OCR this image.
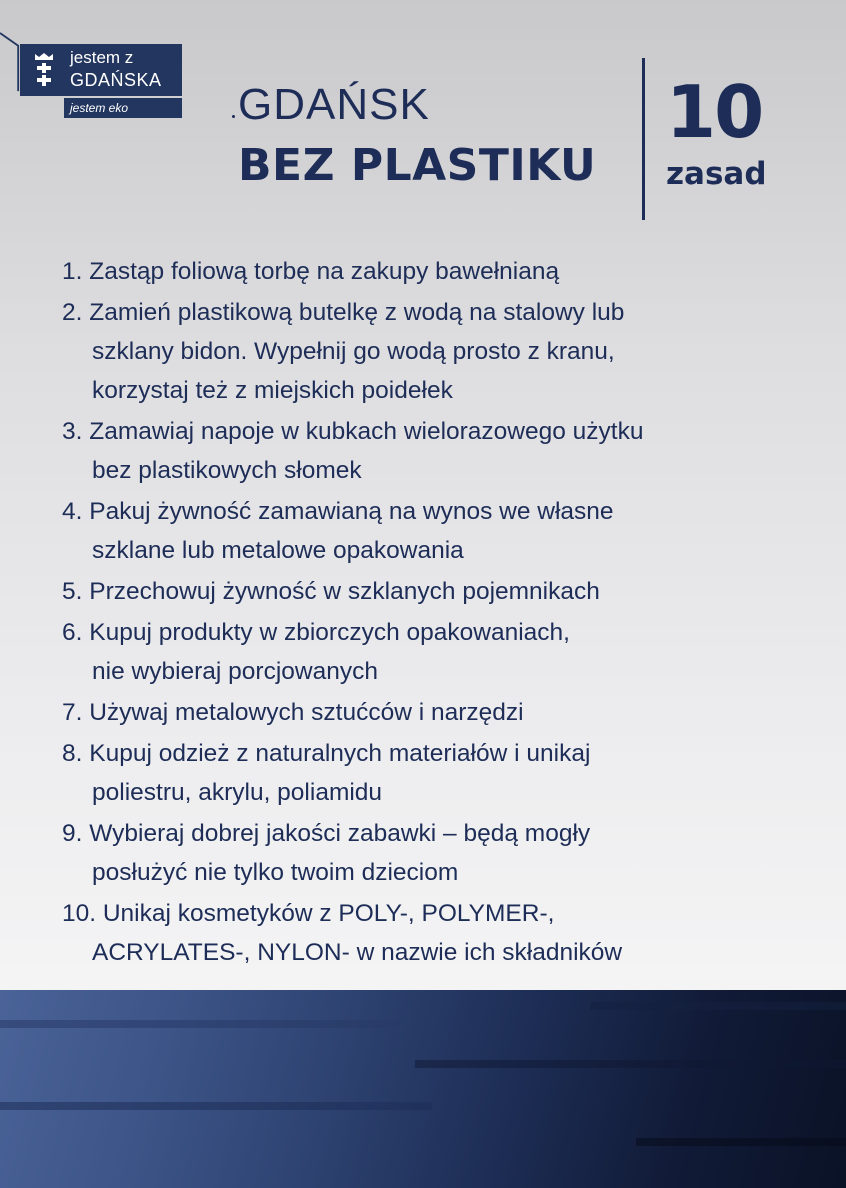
jestem z
GDAŃSKA
jestem eko	GDAŃSK
BEZ PLASTIKU
10
zasad
1. Zastąp foliową torbę na zakupy bawełnianą
2. Zamień plastikową butelkę z wodą na stalowy lub
szklany bidon. Wypełnij go wodą prosto z kranu,
korzystaj też z miejskich poidełek
3. Zamawiaj napoje w kubkach wielorazowego użytku
bez plastikowych słomek
4. Pakuj żywność zamawianą na wynos we własne
szklane lub metalowe opakowania
5. Przechowuj żywność w szklanych pojemnikach
6. Kupuj produkty w zbiorczych opakowaniach,
nie wybieraj porcjowanych
7. Używaj metalowych sztućców i narzędzi
8. Kupuj odzież z naturalnych materiałów i unikaj
poliestru, akrylu, poliamidu
9. Wybieraj dobrej jakości zabawki – będą mogły
posłużyć nie tylko twoim dzieciom
10. Unikaj kosmetyków z POLY-, POLYMER-,
ACRYLATES-, NYLON- w nazwie ich składników
